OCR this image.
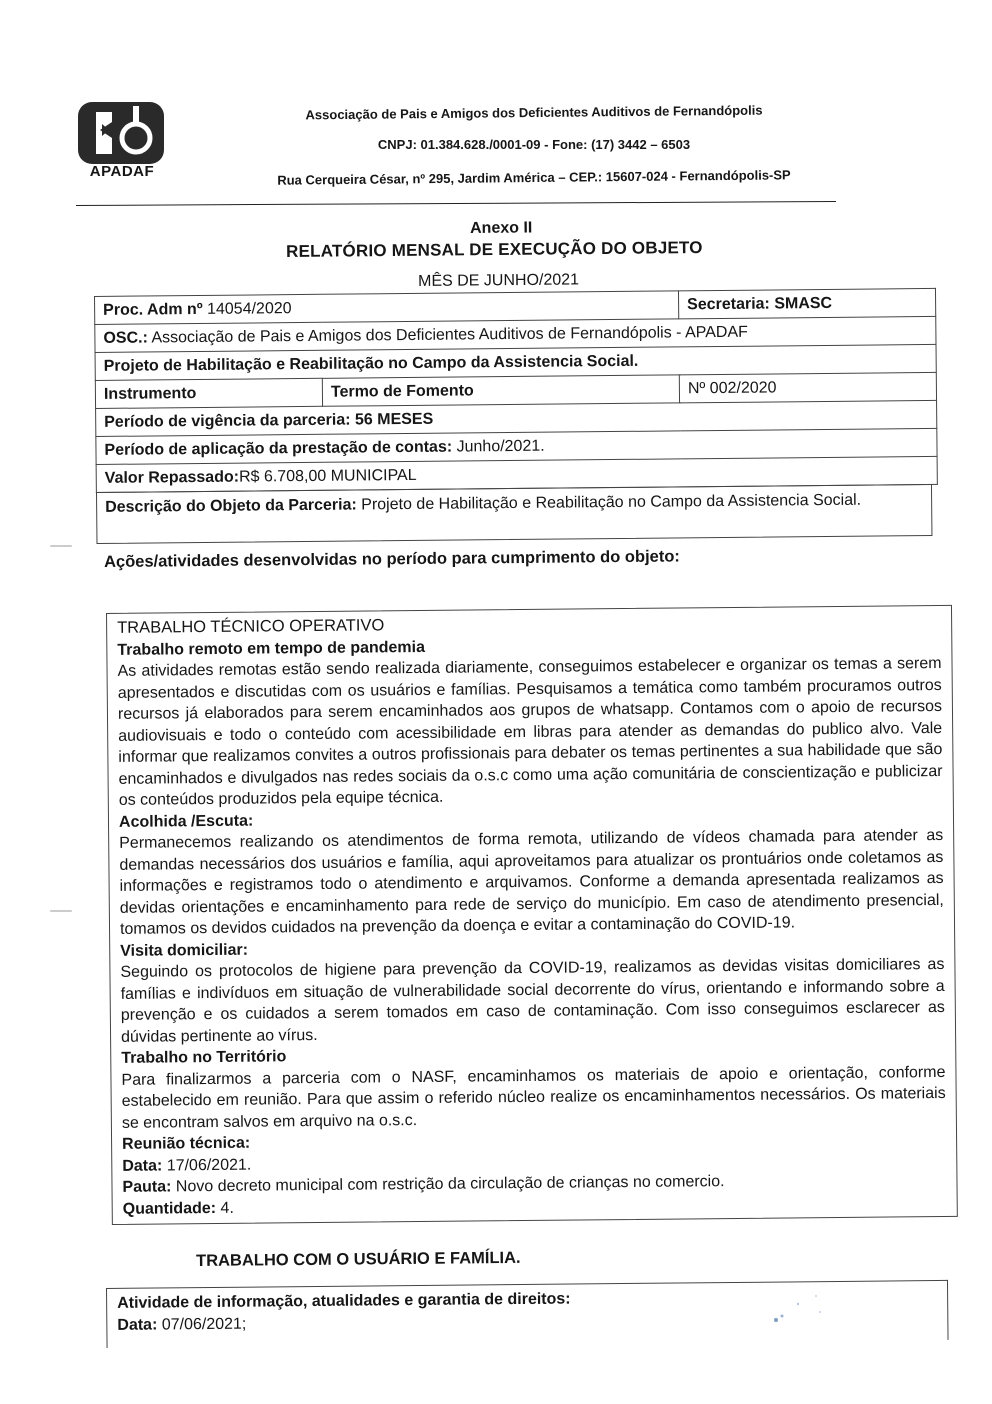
APADAF
Associação de Pais e Amigos dos Deficientes Auditivos de Fernandópolis
CNPJ: 01.384.628./0001-09 - Fone: (17) 3442 – 6503
Rua Cerqueira César, nº 295, Jardim América – CEP.: 15607-024 - Fernandópolis-SP
Anexo II
RELATÓRIO MENSAL DE EXECUÇÃO DO OBJETO
MÊS DE JUNHO/2021
Proc. Adm nº 14054/2020		Secretaria: SMASC
OSC.: Associação de Pais e Amigos dos Deficientes Auditivos de Fernandópolis - APADAF		
Projeto de Habilitação e Reabilitação no Campo da Assistencia Social.		
Instrumento	Termo de Fomento	Nº 002/2020
Período de vigência da parceria: 56 MESES		
Período de aplicação da prestação de contas: Junho/2021.		
Valor Repassado:R$ 6.708,00 MUNICIPAL		
Descrição do Objeto da Parceria: Projeto de Habilitação e Reabilitação no Campo da Assistencia Social.
Ações/atividades desenvolvidas no período para cumprimento do objeto:
TRABALHO TÉCNICO OPERATIVO
Trabalho remoto em tempo de pandemia

As atividades remotas estão sendo realizada diariamente, conseguimos estabelecer e organizar os temas a serem apresentados e discutidas com os usuários e famílias. Pesquisamos a temática como também procuramos outros recursos já elaborados para serem encaminhados aos grupos de whatsapp. Contamos com o apoio de recursos audiovisuais e todo o conteúdo com acessibilidade em libras para atender as demandas do publico alvo. Vale informar que realizamos convites a outros profissionais para debater os temas pertinentes a sua habilidade que são encaminhados e divulgados nas redes sociais da o.s.c como uma ação comunitária de conscientização e publicizar os conteúdos produzidos pela equipe técnica.

Acolhida /Escuta:

Permanecemos realizando os atendimentos de forma remota, utilizando de vídeos chamada para atender as demandas necessários dos usuários e família, aqui aproveitamos para atualizar os prontuários onde coletamos as informações e registramos todo o atendimento e arquivamos. Conforme a demanda apresentada realizamos as devidas orientações e encaminhamento para rede de serviço do município. Em caso de atendimento presencial, tomamos os devidos cuidados na prevenção da doença e evitar a contaminação do COVID-19.

Visita domiciliar:

Seguindo os protocolos de higiene para prevenção da COVID-19, realizamos as devidas visitas domiciliares as famílias e indivíduos em situação de vulnerabilidade social decorrente do vírus, orientando e informando sobre a prevenção e os cuidados a serem tomados em caso de contaminação. Com isso conseguimos esclarecer as dúvidas pertinente ao vírus.

Trabalho no Território

Para finalizarmos a parceria com o NASF, encaminhamos os materiais de apoio e orientação, conforme estabelecido em reunião. Para que assim o referido núcleo realize os encaminhamentos necessários. Os materiais se encontram salvos em arquivo na o.s.c.

Reunião técnica:
Data: 17/06/2021.
Pauta: Novo decreto municipal com restrição da circulação de crianças no comercio.
Quantidade: 4.
TRABALHO COM O USUÁRIO E FAMÍLIA.
Atividade de informação, atualidades e garantia de direitos:
Data: 07/06/2021;
